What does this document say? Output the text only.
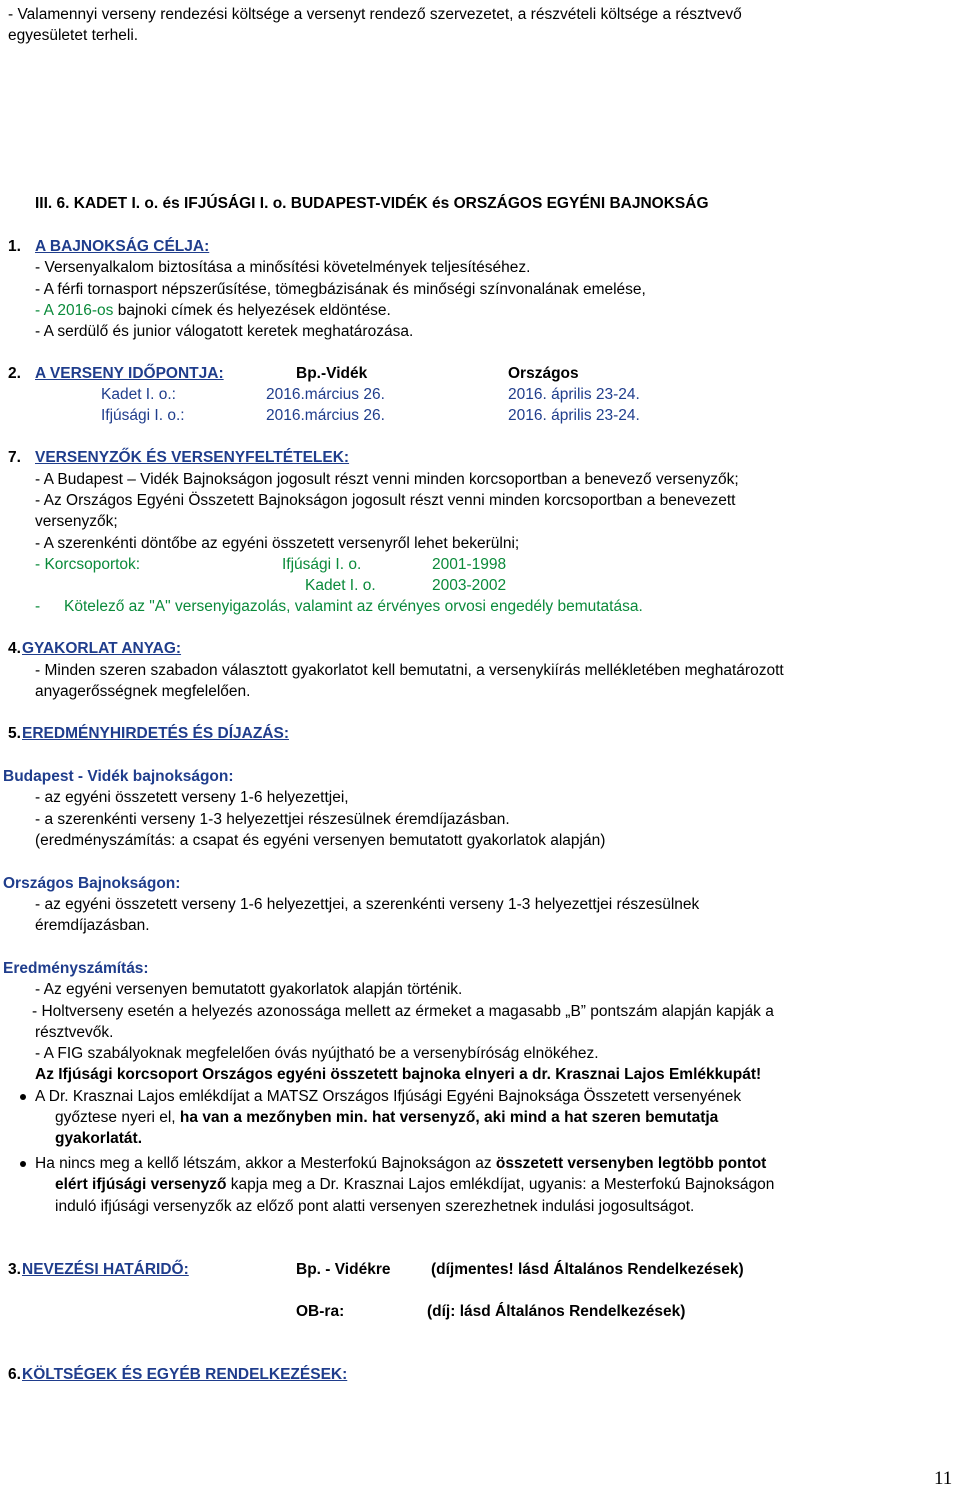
- Valamennyi verseny rendezési költsége a versenyt rendező szervezetet, a részvételi költsége a résztvevő
egyesületet terheli.
III. 6. KADET I. o. és IFJÚSÁGI I. o. BUDAPEST-VIDÉK és ORSZÁGOS EGYÉNI BAJNOKSÁG
1. A BAJNOKSÁG CÉLJA:
- Versenyalkalom biztosítása a minősítési követelmények teljesítéséhez.
- A férfi tornasport népszerűsítése, tömegbázisának és minőségi színvonalának emelése,
- A 2016-os bajnoki címek és helyezések eldöntése.
- A serdülő és junior válogatott keretek meghatározása.
2. A VERSENY IDŐPONTJA:	Bp.-Vidék	Országos
Kadet I. o.:	2016.március 26.	2016. április 23-24.
Ifjúsági I. o.:	2016.március 26.	2016. április 23-24.
7. VERSENYZŐK ÉS VERSENYFELTÉTELEK:
- A Budapest – Vidék Bajnokságon jogosult részt venni minden korcsoportban a benevező versenyzők;
- Az Országos Egyéni Összetett Bajnokságon jogosult részt venni minden korcsoportban a benevezett
versenyzők;
- A szerenkénti döntőbe az egyéni összetett versenyről lehet bekerülni;
- Korcsoportok:	Ifjúsági I. o.	2001-1998
Kadet I. o.	2003-2002
- Kötelező az "A" versenyigazolás, valamint az érvényes orvosi engedély bemutatása.
4. GYAKORLAT ANYAG:
- Minden szeren szabadon választott gyakorlatot kell bemutatni, a versenykiírás mellékletében meghatározott
anyagerősségnek megfelelően.
5. EREDMÉNYHIRDETÉS ÉS DÍJAZÁS:
Budapest - Vidék bajnokságon:
- az egyéni összetett verseny 1-6 helyezettjei,
- a szerenkénti verseny 1-3 helyezettjei részesülnek éremdíjazásban.
(eredményszámítás: a csapat és egyéni versenyen bemutatott gyakorlatok alapján)
Országos Bajnokságon:
- az egyéni összetett verseny 1-6 helyezettjei, a szerenkénti verseny 1-3 helyezettjei részesülnek
éremdíjazásban.
Eredményszámítás:
- Az egyéni versenyen bemutatott gyakorlatok alapján történik.
- Holtverseny esetén a helyezés azonossága mellett az érmeket a magasabb „B” pontszám alapján kapják a
résztvevők.
- A FIG szabályoknak megfelelően óvás nyújtható be a versenybíróság elnökéhez.
Az Ifjúsági korcsoport Országos egyéni összetett bajnoka elnyeri a dr. Krasznai Lajos Emlékkupát!
A Dr. Krasznai Lajos emlékdíjat a MATSZ Országos Ifjúsági Egyéni Bajnoksága Összetett versenyének
győztese nyeri el, ha van a mezőnyben min. hat versenyző, aki mind a hat szeren bemutatja
gyakorlatát.
Ha nincs meg a kellő létszám, akkor a Mesterfokú Bajnokságon az összetett versenyben legtöbb pontot
elért ifjúsági versenyző kapja meg a Dr. Krasznai Lajos emlékdíjat, ugyanis: a Mesterfokú Bajnokságon
induló ifjúsági versenyzők az előző pont alatti versenyen szerezhetnek indulási jogosultságot.
3. NEVEZÉSI HATÁRIDŐ:	Bp. - Vidékre	(díjmentes! lásd Általános Rendelkezések)
OB-ra:	(díj: lásd Általános Rendelkezések)
6. KÖLTSÉGEK ÉS EGYÉB RENDELKEZÉSEK:
11
